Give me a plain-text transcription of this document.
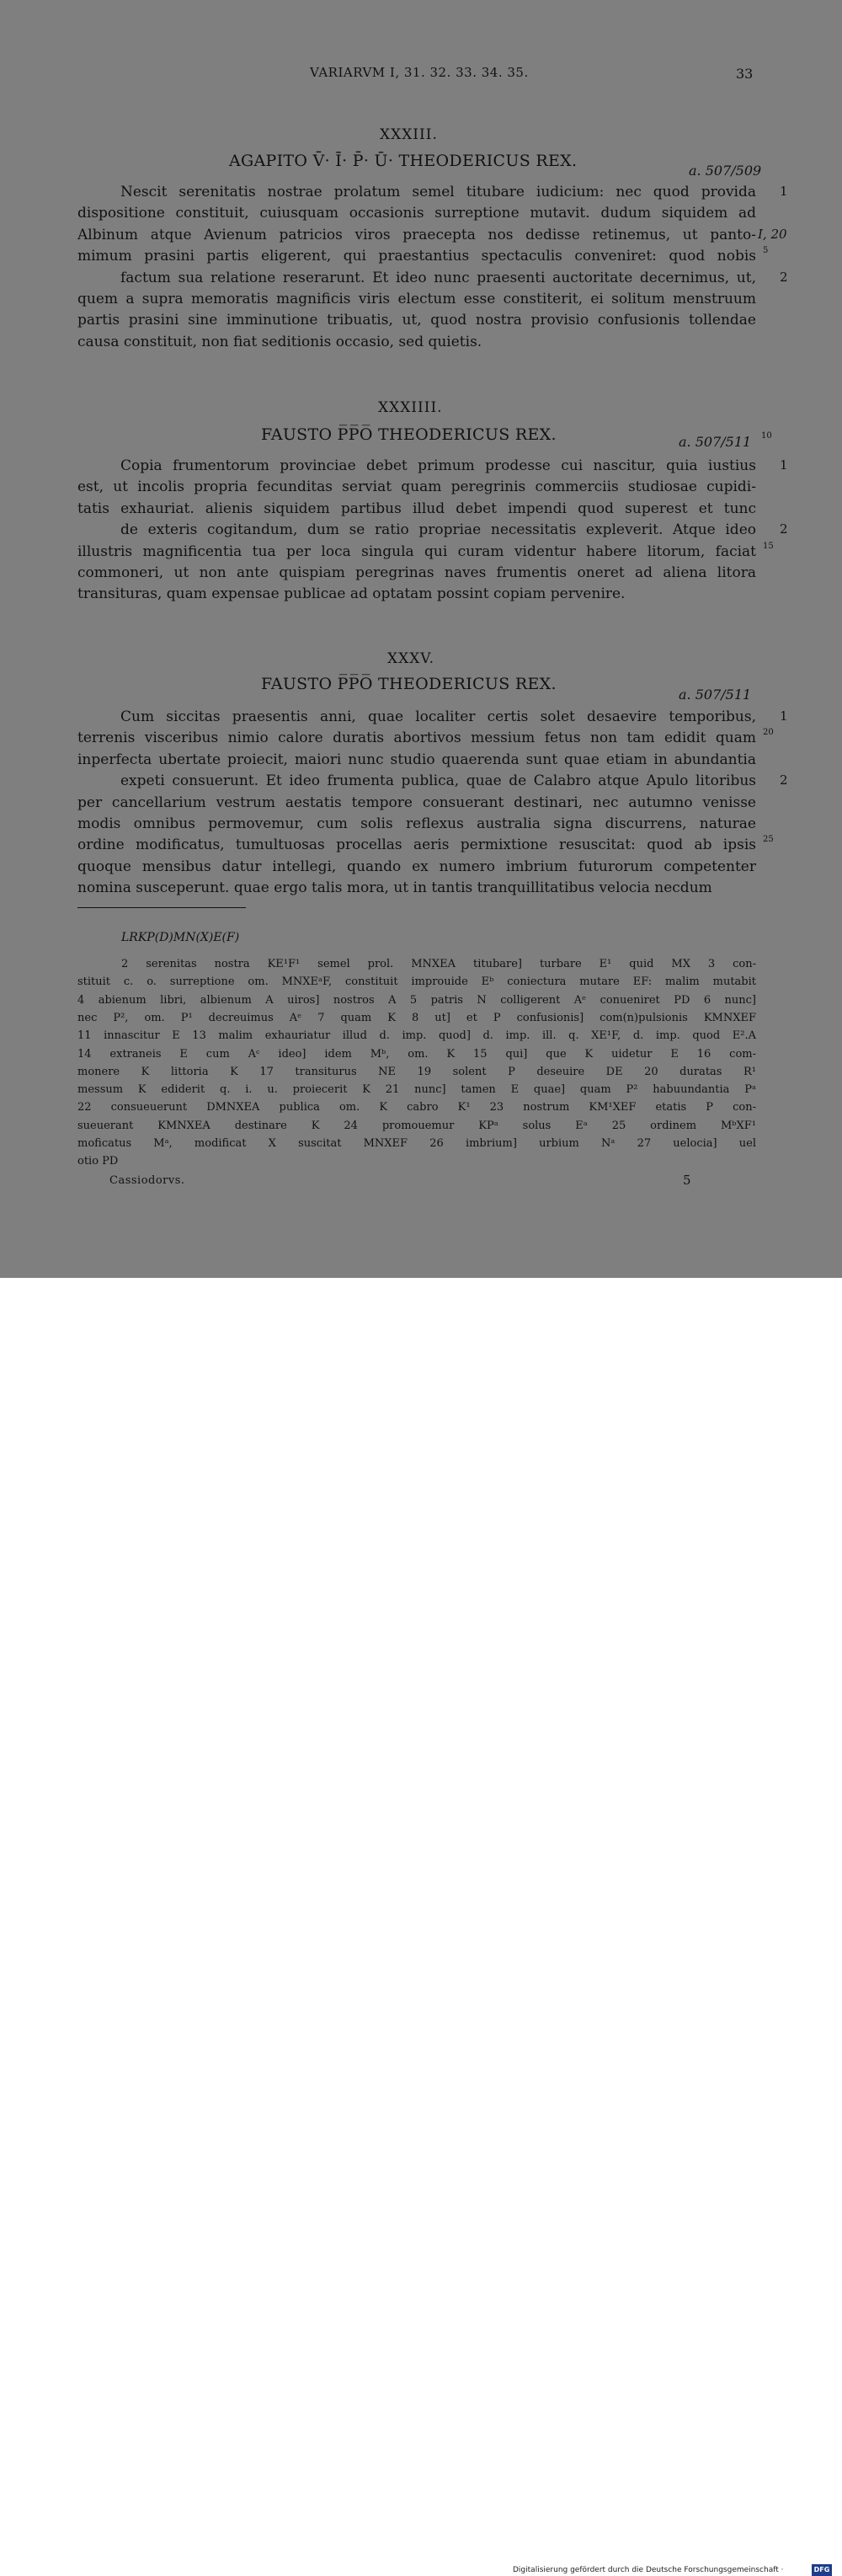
VARIARVM I, 31. 32. 33. 34. 35.	33
XXXIII.
AGAPITO V̄· Ī· P̄· Ū· THEODERICUS REX.
a. 507/509
Nescit serenitatis nostrae prolatum semel titubare iudicium: nec quod provida
dispositione constituit, cuiusquam occasionis surreptione mutavit. dudum siquidem ad
Albinum atque Avienum patricios viros praecepta nos dedisse retinemus, ut panto-
mimum prasini partis eligerent, qui praestantius spectaculis conveniret: quod nobis
factum sua relatione reserarunt. Et ideo nunc praesenti auctoritate decernimus, ut,
quem a supra memoratis magnificis viris electum esse constiterit, ei solitum menstruum
partis prasini sine imminutione tribuatis, ut, quod nostra provisio confusionis tollendae
causa constituit, non fiat seditionis occasio, sed quietis.
1
I, 20
5
2
XXXIIII.
FAUSTO P̅P̅O̅ THEODERICUS REX.	a. 507/511 10
Copia frumentorum provinciae debet primum prodesse cui nascitur, quia iustius
est, ut incolis propria fecunditas serviat quam peregrinis commerciis studiosae cupidi-
tatis exhauriat. alienis siquidem partibus illud debet impendi quod superest et tunc
de exteris cogitandum, dum se ratio propriae necessitatis expleverit. Atque ideo
illustris magnificentia tua per loca singula qui curam videntur habere litorum, faciat
commoneri, ut non ante quispiam peregrinas naves frumentis oneret ad aliena litora
transituras, quam expensae publicae ad optatam possint copiam pervenire.
1
2
15
XXXV.
FAUSTO P̅P̅O̅ THEODERICUS REX.
a. 507/511
Cum siccitas praesentis anni, quae localiter certis solet desaevire temporibus,
terrenis visceribus nimio calore duratis abortivos messium fetus non tam edidit quam
inperfecta ubertate proiecit, maiori nunc studio quaerenda sunt quae etiam in abundantia
expeti consuerunt. Et ideo frumenta publica, quae de Calabro atque Apulo litoribus
per cancellarium vestrum aestatis tempore consuerant destinari, nec autumno venisse
modis omnibus permovemur, cum solis reflexus australia signa discurrens, naturae
ordine modificatus, tumultuosas procellas aeris permixtione resuscitat: quod ab ipsis
quoque mensibus datur intellegi, quando ex numero imbrium futurorum competenter
nomina susceperunt. quae ergo talis mora, ut in tantis tranquillitatibus velocia necdum
1
20
2
25
LRKP(D)MN(X)E(F)
2 serenitas nostra KE¹F¹ semel prol. MNXEA titubare] turbare E¹ quid MX 3 con-
stituit c. o. surreptione om. MNXEᵃF, constituit improuide Eᵇ coniectura mutare EF: malim mutabit
4 abienum libri, albienum A uiros] nostros A 5 patris N colligerent Aᵉ conueniret PD 6 nunc]
nec P², om. P¹ decreuimus Aᵉ 7 quam K 8 ut] et P confusionis] com(n)pulsionis KMNXEF
11 innascitur E 13 malim exhauriatur illud d. imp. quod] d. imp. ill. q. XE¹F, d. imp. quod E².A
14 extraneis E cum Aᶜ ideo] idem Mᵇ, om. K 15 qui] que K uidetur E 16 com-
monere K littoria K 17 transiturus NE 19 solent P deseuire DE 20 duratas R¹
messum K ediderit q. i. u. proiecerit K 21 nunc] tamen E quae] quam P² habuundantia Pᵃ
22 consueuerunt DMNXEA publica om. K cabro K¹ 23 nostrum KM¹XEF etatis P con-
sueuerant KMNXEA destinare K 24 promouemur KPᵃ solus Eᵃ 25 ordinem MᵇXF¹
moficatus Mᵃ, modificat X suscitat MNXEF 26 imbrium] urbium Nᵃ 27 uelocia] uel
otio PD
Cassiodorvs.	5
Digitalisierung gefördert durch die Deutsche Forschungsgemeinschaft ·	DFG
